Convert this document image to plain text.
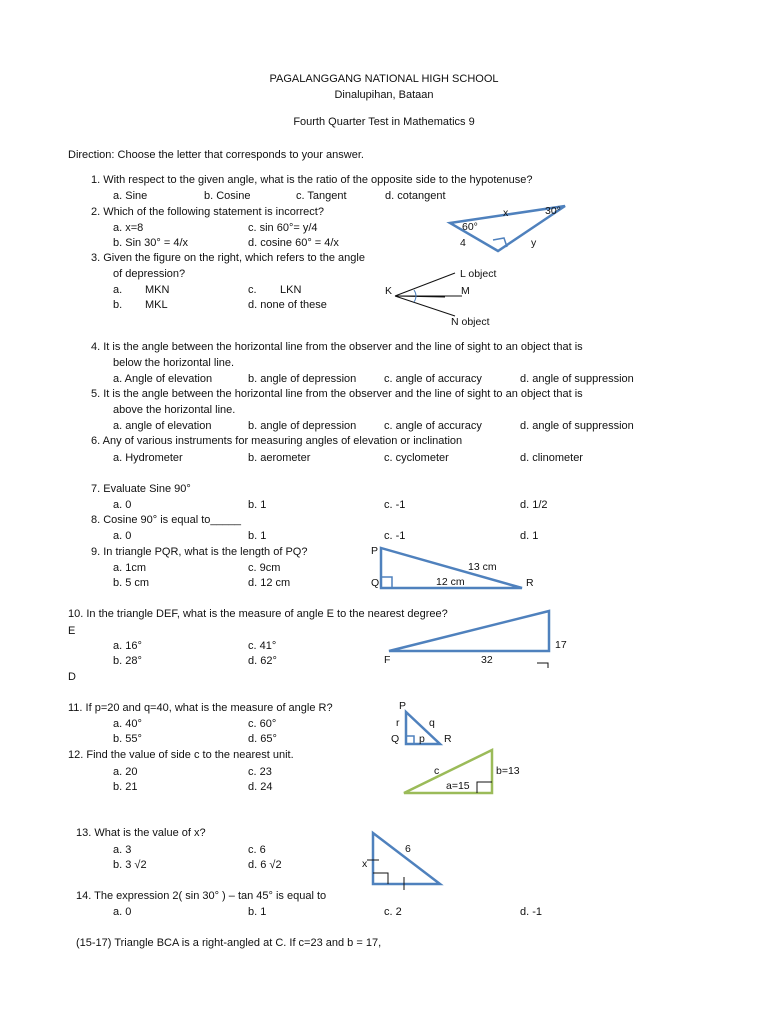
PAGALANGGANG NATIONAL HIGH SCHOOL
Dinalupihan, Bataan
Fourth Quarter Test in Mathematics 9
Direction: Choose the letter that corresponds to your answer.
1. With respect to the given angle, what is the ratio of the opposite side to the hypotenuse?
a. Sine	b. Cosine	c. Tangent	d. cotangent
2. Which of the following statement is incorrect?
a. x=8	c. sin 60°= y/4
b. Sin 30° = 4/x	d. cosine 60° = 4/x
3. Given the figure on the right, which refers to the angle
of depression?
a. MKN	c. LKN
b. MKL	d. none of these
4. It is the angle between the horizontal line from the observer and the line of sight to an object that is
below the horizontal line.
a. Angle of elevation	b. angle of depression	c. angle of accuracy	d. angle of suppression
5. It is the angle between the horizontal line from the observer and the line of sight to an object that is
above the horizontal line.
a. angle of elevation	b. angle of depression	c. angle of accuracy	d. angle of suppression
6. Any of various instruments for measuring angles of elevation or inclination
a. Hydrometer	b. aerometer	c. cyclometer	d. clinometer
7. Evaluate Sine 90°
a. 0	b. 1	c. -1	d. 1/2
8. Cosine 90° is equal to_____
a. 0	b. 1	c. -1	d. 1
9. In triangle PQR, what is the length of PQ?
a. 1cm	c. 9cm
b. 5 cm	d. 12 cm
10. In the triangle DEF, what is the measure of angle E to the nearest degree?
E
a. 16°	c. 41°
b. 28°	d. 62°
D
11. If p=20 and q=40, what is the measure of angle R?
a. 40°	c. 60°
b. 55°	d. 65°
12. Find the value of side c to the nearest unit.
a. 20	c. 23
b. 21	d. 24
13. What is the value of x?
a. 3	c. 6
b. 3 √2	d. 6 √2
14. The expression 2( sin 30° ) – tan 45° is equal to
a. 0	b. 1	c. 2	d. -1
(15-17) Triangle BCA is a right-angled at C. If c=23 and b = 17,
x	30°
60°
4	y
L object
K	M
N object
P
13 cm
Q	12 cm	R
F
17
32
P
r	q
Q p R
c	b=13
a=15
6
x
